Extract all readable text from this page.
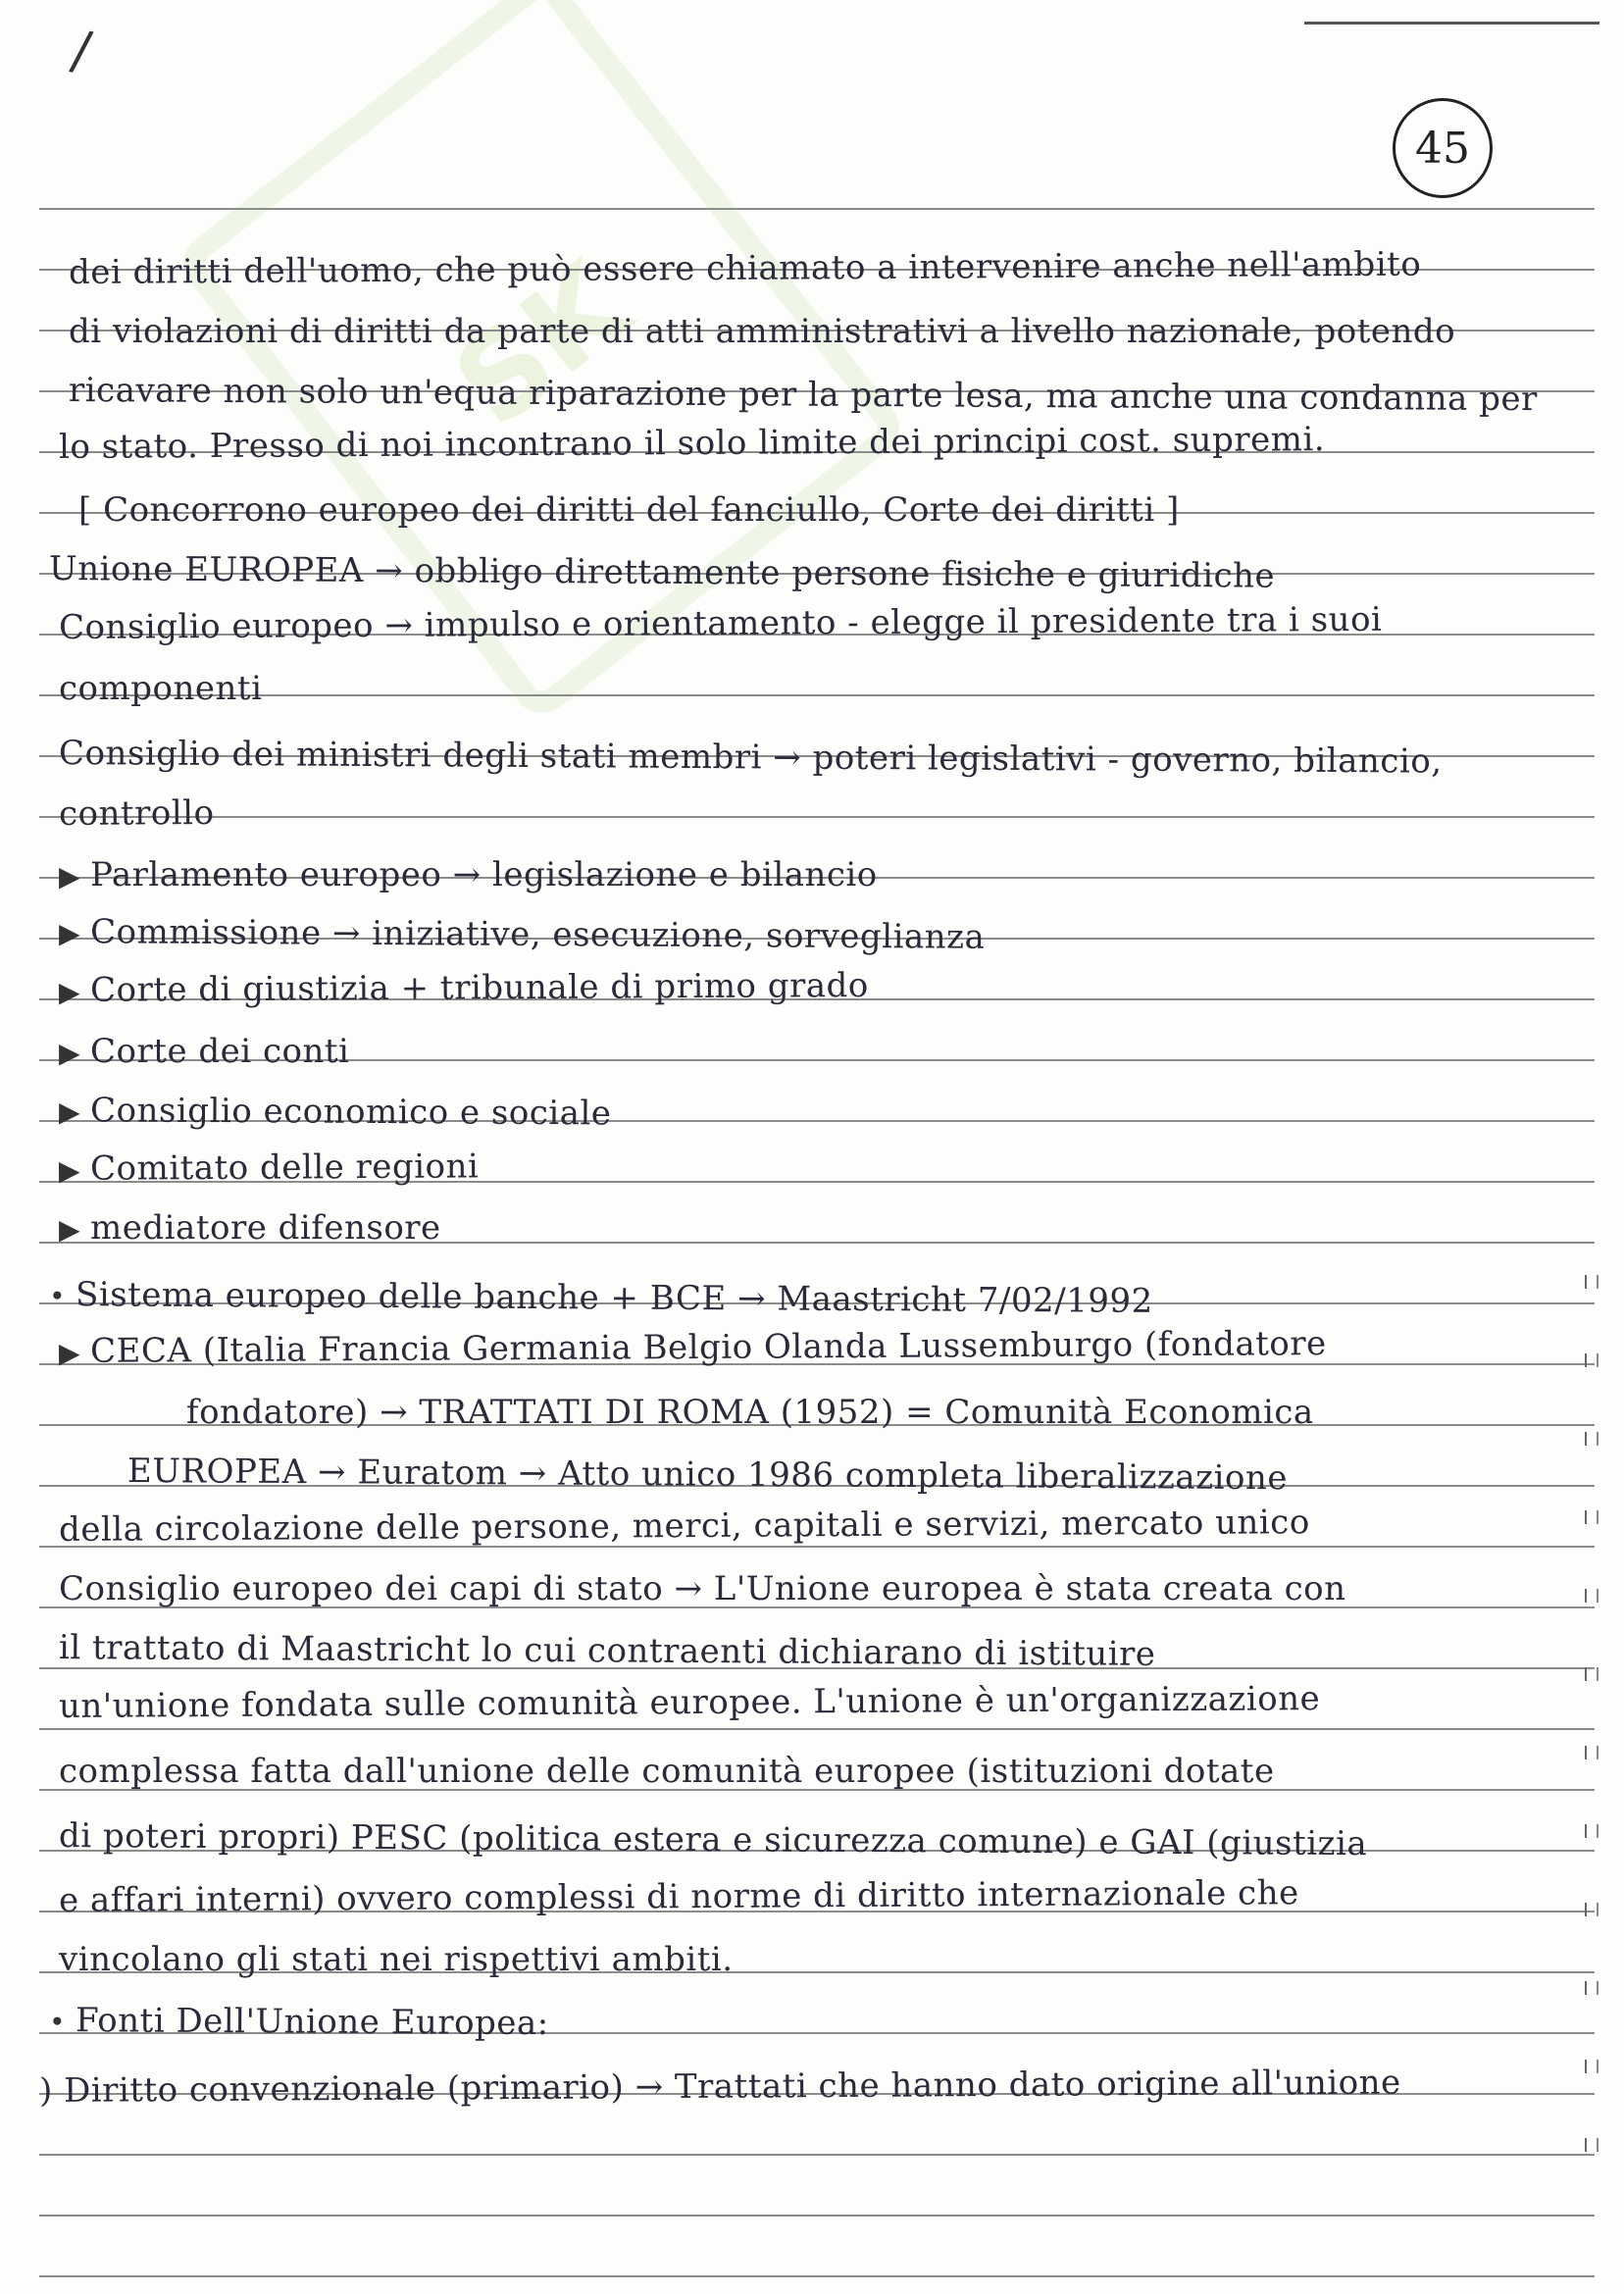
SK
/
45
dei diritti dell'uomo, che può essere chiamato a intervenire anche nell'ambito
di violazioni di diritti da parte di atti amministrativi a livello nazionale, potendo
ricavare non solo un'equa riparazione per la parte lesa, ma anche una condanna per
lo stato. Presso di noi incontrano il solo limite dei principi cost. supremi.
[ Concorrono europeo dei diritti del fanciullo, Corte dei diritti ]
Unione EUROPEA → obbligo direttamente persone fisiche e giuridiche
Consiglio europeo → impulso e orientamento - elegge il presidente tra i suoi
componenti
Consiglio dei ministri degli stati membri → poteri legislativi - governo, bilancio,
controllo
▶ Parlamento europeo → legislazione e bilancio
▶ Commissione → iniziative, esecuzione, sorveglianza
▶ Corte di giustizia + tribunale di primo grado
▶ Corte dei conti
▶ Consiglio economico e sociale
▶ Comitato delle regioni
▶ mediatore difensore
• Sistema europeo delle banche + BCE → Maastricht 7/02/1992
▶ CECA (Italia Francia Germania Belgio Olanda Lussemburgo (fondatore
fondatore) → TRATTATI DI ROMA (1952) = Comunità Economica
EUROPEA → Euratom → Atto unico 1986 completa liberalizzazione
della circolazione delle persone, merci, capitali e servizi, mercato unico
Consiglio europeo dei capi di stato → L'Unione europea è stata creata con
il trattato di Maastricht lo cui contraenti dichiarano di istituire
un'unione fondata sulle comunità europee. L'unione è un'organizzazione
complessa fatta dall'unione delle comunità europee (istituzioni dotate
di poteri propri) PESC (politica estera e sicurezza comune) e GAI (giustizia
e affari interni) ovvero complessi di norme di diritto internazionale che
vincolano gli stati nei rispettivi ambiti.
• Fonti Dell'Unione Europea:
) Diritto convenzionale (primario) → Trattati che hanno dato origine all'unione
